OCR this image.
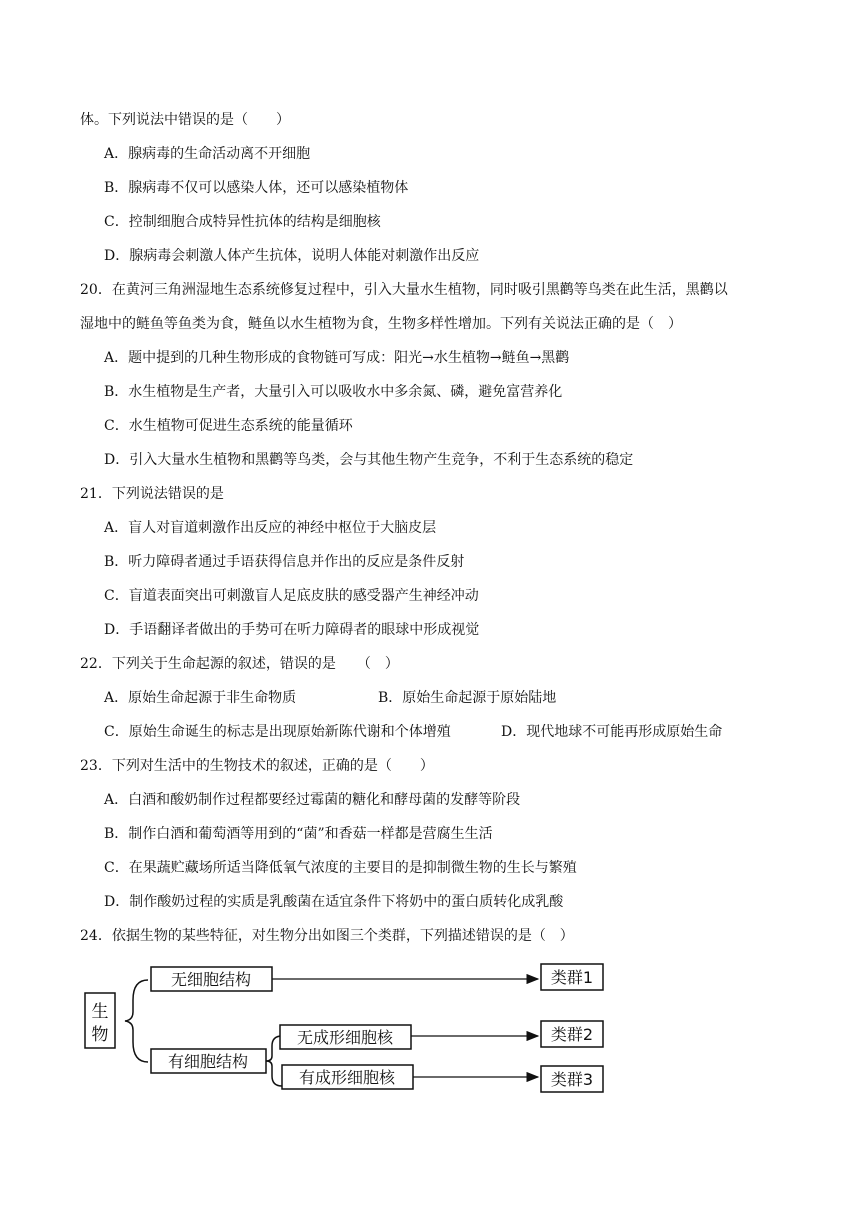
体。下列说法中错误的是（　　）
A．腺病毒的生命活动离不开细胞
B．腺病毒不仅可以感染人体，还可以感染植物体
C．控制细胞合成特异性抗体的结构是细胞核
D．腺病毒会刺激人体产生抗体，说明人体能对刺激作出反应
20．在黄河三角洲湿地生态系统修复过程中，引入大量水生植物，同时吸引黑鹳等鸟类在此生活，黑鹳以
湿地中的鲢鱼等鱼类为食，鲢鱼以水生植物为食，生物多样性增加。下列有关说法正确的是（　）
A．题中提到的几种生物形成的食物链可写成：阳光→水生植物→鲢鱼→黑鹳
B．水生植物是生产者，大量引入可以吸收水中多余氮、磷，避免富营养化
C．水生植物可促进生态系统的能量循环
D．引入大量水生植物和黑鹳等鸟类，会与其他生物产生竞争，不利于生态系统的稳定
21．下列说法错误的是
A．盲人对盲道刺激作出反应的神经中枢位于大脑皮层
B．听力障碍者通过手语获得信息并作出的反应是条件反射
C．盲道表面突出可刺激盲人足底皮肤的感受器产生神经冲动
D．手语翻译者做出的手势可在听力障碍者的眼球中形成视觉
22．下列关于生命起源的叙述，错误的是　　（　）
A．原始生命起源于非生命物质	B．原始生命起源于原始陆地
C．原始生命诞生的标志是出现原始新陈代谢和个体增殖	D．现代地球不可能再形成原始生命
23．下列对生活中的生物技术的叙述，正确的是（　　）
A．白酒和酸奶制作过程都要经过霉菌的糖化和酵母菌的发酵等阶段
B．制作白酒和葡萄酒等用到的“菌”和香菇一样都是营腐生生活
C．在果蔬贮藏场所适当降低氧气浓度的主要目的是抑制微生物的生长与繁殖
D．制作酸奶过程的实质是乳酸菌在适宜条件下将奶中的蛋白质转化成乳酸
24．依据生物的某些特征，对生物分出如图三个类群，下列描述错误的是（　）
生
物
无细胞结构	类群1
有细胞结构
无成形细胞核	类群2
有成形细胞核	类群3
